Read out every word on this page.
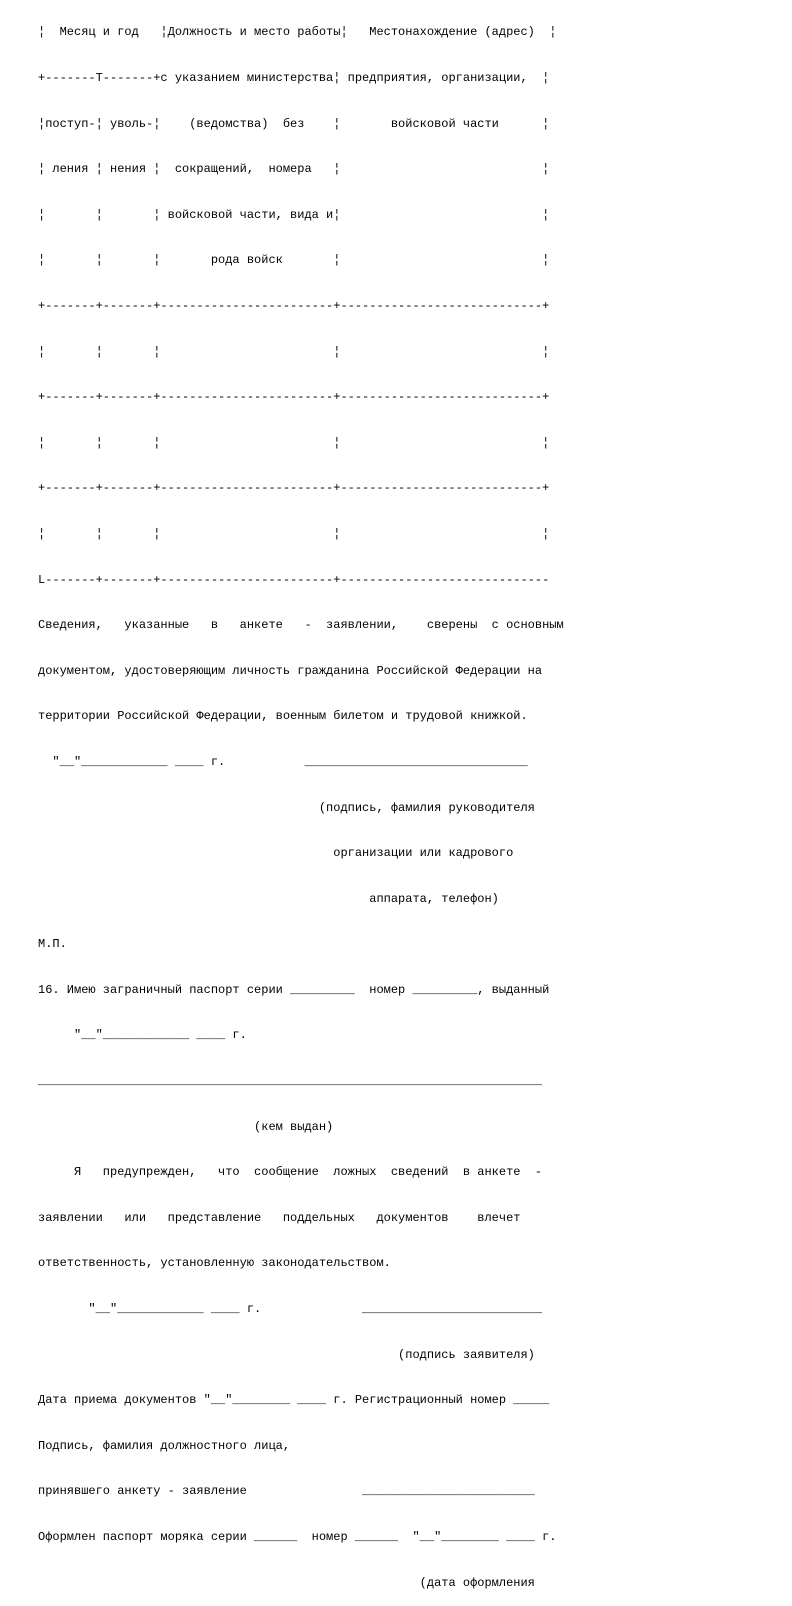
¦  Месяц и год   ¦Должность и место работы¦   Местонахождение (адрес)  ¦

+-------T-------+с указанием министерства¦ предприятия, организации,  ¦

¦поступ-¦ уволь-¦    (ведомства)  без    ¦       войсковой части      ¦

¦ ления ¦ нения ¦  сокращений,  номера   ¦                            ¦

¦       ¦       ¦ войсковой части, вида и¦                            ¦

¦       ¦       ¦       рода войск       ¦                            ¦

+-------+-------+------------------------+----------------------------+

¦       ¦       ¦                        ¦                            ¦

+-------+-------+------------------------+----------------------------+

¦       ¦       ¦                        ¦                            ¦

+-------+-------+------------------------+----------------------------+

¦       ¦       ¦                        ¦                            ¦

L-------+-------+------------------------+-----------------------------

Сведения,   указанные   в   анкете   -  заявлении,    сверены  с основным

документом, удостоверяющим личность гражданина Российской Федерации на

территории Российской Федерации, военным билетом и трудовой книжкой.

"__"____________ ____ г.           _______________________________

(подпись, фамилия руководителя

организации или кадрового

аппарата, телефон)

М.П.

16. Имею заграничный паспорт серии _________  номер _________, выданный

"__"____________ ____ г.

______________________________________________________________________

(кем выдан)

Я   предупрежден,   что  сообщение  ложных  сведений  в анкете  -

заявлении   или   представление   поддельных   документов    влечет

ответственность, установленную законодательством.

"__"____________ ____ г.              _________________________

(подпись заявителя)

Дата приема документов "__"________ ____ г. Регистрационный номер _____

Подпись, фамилия должностного лица,

принявшего анкету - заявление                ________________________

Оформлен паспорт моряка серии ______  номер ______  "__"________ ____ г.

(дата оформления
